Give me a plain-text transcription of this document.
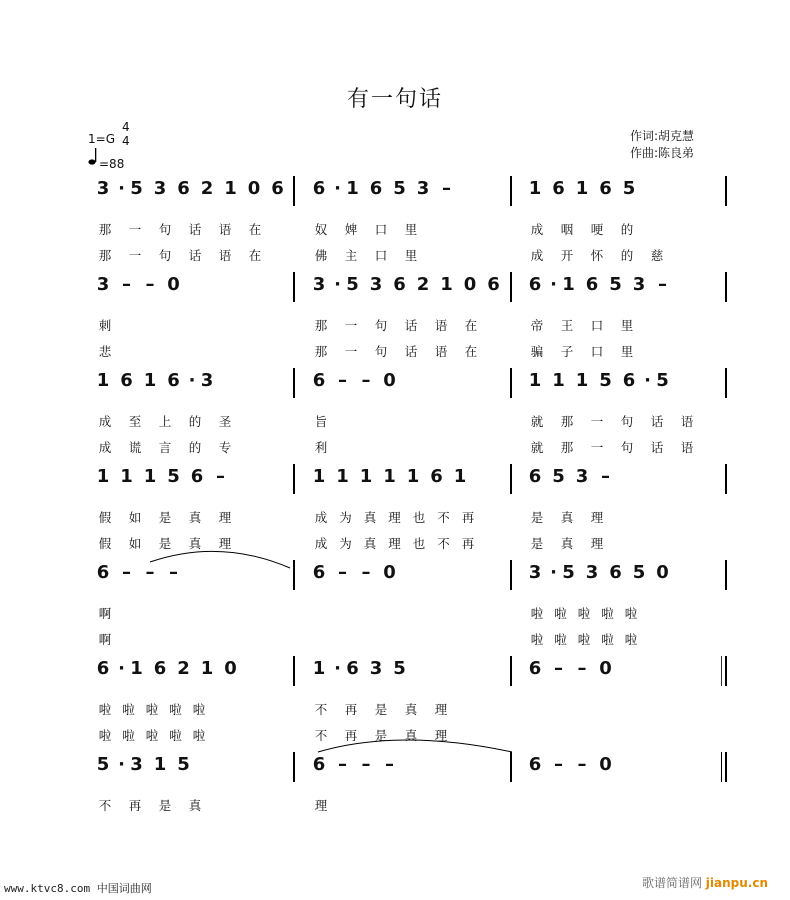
有一句话
1=G
4
4
=88
作词:胡克慧
作曲:陈良弟
3 · 5 3 6 2 1 0 6 6 · 1 6 5 3 –	1 6 1 6 5
那 一 句 话 语 在	奴 婢 口 里	成 咽 哽 的
那 一 句 话 语 在	佛 主 口 里	成 开 怀 的 慈
3 – – 0	3 · 5 3 6 2 1 0 6 6 · 1 6 5 3 –
刺	那 一 句 话 语 在	帝 王 口 里
悲	那 一 句 话 语 在	骗 子 口 里
1 6 1 6 · 3	6 – – 0	1 1 1 5 6 · 5
成 至 上 的 圣	旨	就 那 一 句 话 语
成 谎 言 的 专	利	就 那 一 句 话 语
1 1 1 5 6 –	1 1 1 1 1 6 1	6 5 3 –
假 如 是 真 理	成 为 真 理 也 不 再	是 真 理
假 如 是 真 理	成 为 真 理 也 不 再	是 真 理
6 – – –	6 – – 0	3 · 5 3 6 5 0
啊	啦 啦 啦 啦 啦
啊	啦 啦 啦 啦 啦
6 · 1 6 2 1 0	1 · 6 3 5	6 – – 0
啦 啦 啦 啦 啦	不 再 是 真 理
啦 啦 啦 啦 啦	不 再 是 真 理
5 · 3 1 5	6 – – –	6 – – 0
不 再 是 真	理
www.ktvc8.com 中国词曲网	歌谱简谱网 jianpu.cn
